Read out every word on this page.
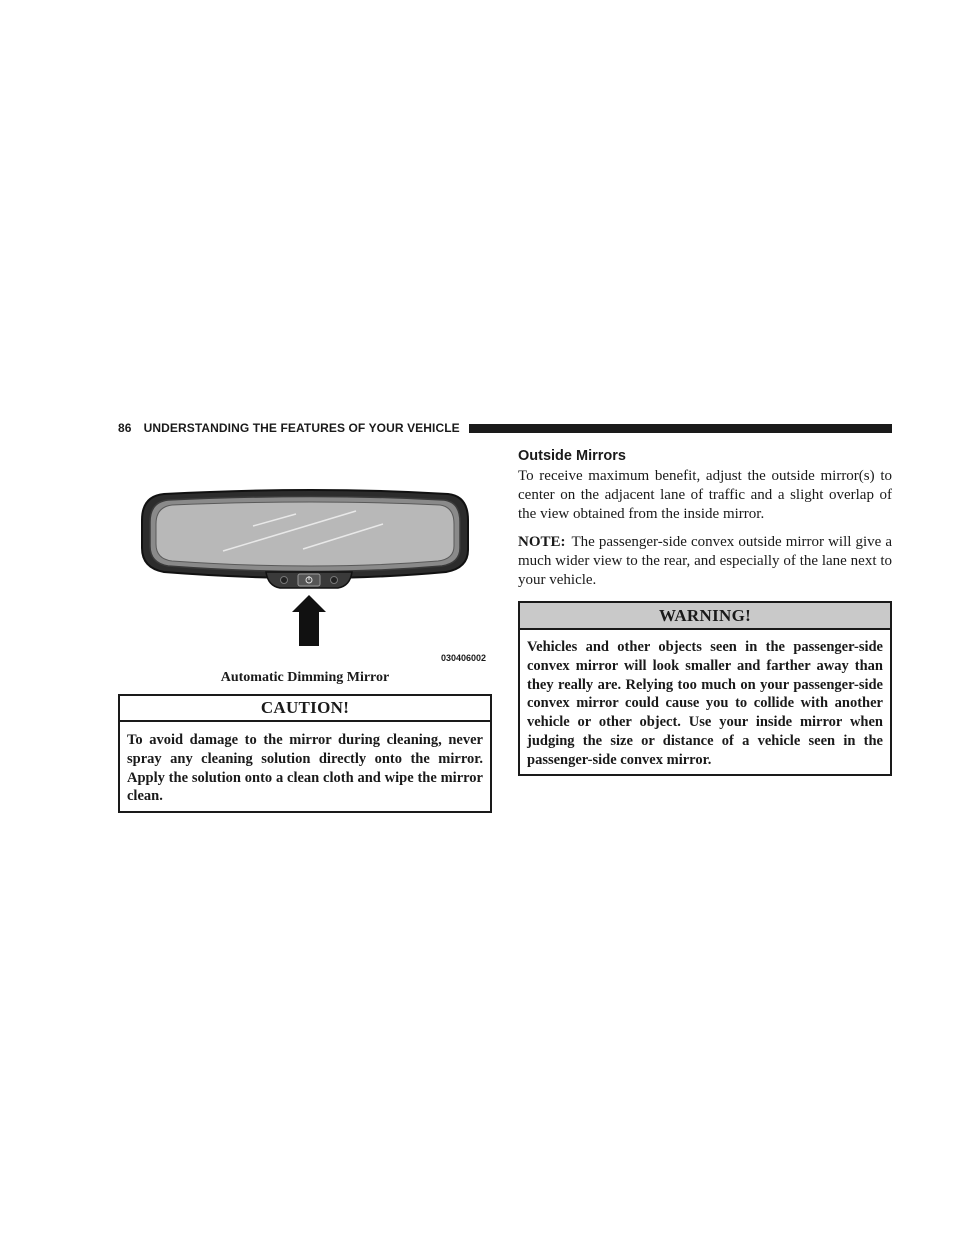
86 UNDERSTANDING THE FEATURES OF YOUR VEHICLE
030406002
Automatic Dimming Mirror
CAUTION!
To avoid damage to the mirror during cleaning, never spray any cleaning solution directly onto the mirror. Apply the solution onto a clean cloth and wipe the mirror clean.
Outside Mirrors
To receive maximum benefit, adjust the outside mirror(s) to center on the adjacent lane of traffic and a slight overlap of the view obtained from the inside mirror.
NOTE: The passenger-side convex outside mirror will give a much wider view to the rear, and especially of the lane next to your vehicle.
WARNING!
Vehicles and other objects seen in the passenger-side convex mirror will look smaller and farther away than they really are. Relying too much on your passenger-side convex mirror could cause you to collide with another vehicle or other object. Use your inside mirror when judging the size or distance of a vehicle seen in the passenger-side convex mirror.
